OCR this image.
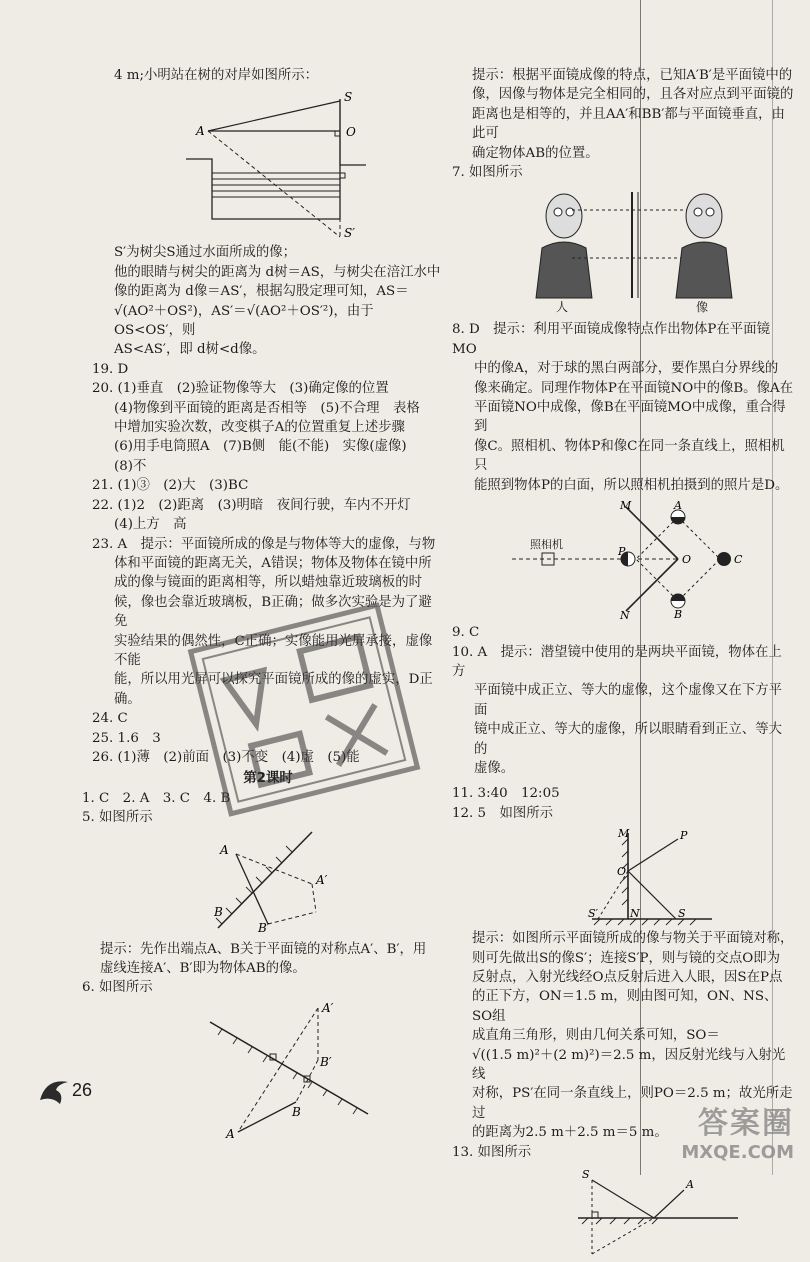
4 m;小明站在树的对岸如图所示：

A
S
O
S′

S′为树尖S通过水面所成的像；

他的眼睛与树尖的距离为 d树＝AS，与树尖在涪江水中

像的距离为 d像＝AS′，根据勾股定理可知，AS＝

√(AO²＋OS²)，AS′＝√(AO²＋OS′²)，由于 OS<OS′，则

AS<AS′，即 d树<d像。

19. D

20. (1)垂直　(2)验证物像等大　(3)确定像的位置

(4)物像到平面镜的距离是否相等　(5)不合理　表格

中增加实验次数，改变棋子A的位置重复上述步骤

(6)用手电筒照A　(7)B侧　能(不能)　实像(虚像)

(8)不

21. (1)③　(2)大　(3)BC

22. (1)2　(2)距离　(3)明暗　夜间行驶，车内不开灯

(4)上方　高

23. A　提示：平面镜所成的像是与物体等大的虚像，与物

体和平面镜的距离无关，A错误；物体及物体在镜中所

成的像与镜面的距离相等，所以蜡烛靠近玻璃板的时

候，像也会靠近玻璃板，B正确；做多次实验是为了避免

实验结果的偶然性，C正确；实像能用光屏承接，虚像不能

能，所以用光屏可以探究平面镜所成的像的虚实，D正确。

24. C

25. 1.6　3

26. (1)薄　(2)前面　(3)不变　(4)虚　(5)能

第2课时

1. C　2. A　3. C　4. B

5. 如图所示

A
B
B′
A′

提示：先作出端点A、B关于平面镜的对称点A′、B′，用

虚线连接A′、B′即为物体AB的像。

6. 如图所示

A′
B′
B
A

提示：根据平面镜成像的特点，已知A′B′是平面镜中的

像，因像与物体是完全相同的，且各对应点到平面镜的

距离也是相等的，并且AA′和BB′都与平面镜垂直，由此可

确定物体AB的位置。

7. 如图所示

人	像

8. D　提示：利用平面镜成像特点作出物体P在平面镜MO

中的像A，对于球的黑白两部分，要作黑白分界线的

像来确定。同理作物体P在平面镜NO中的像B。像A在

平面镜NO中成像，像B在平面镜MO中成像，重合得到

像C。照相机、物体P和像C在同一条直线上，照相机只

能照到物体P的白面，所以照相机拍摄到的照片是D。

M
N
P
O
A
B
C
照相机

9. C

10. A　提示：潜望镜中使用的是两块平面镜，物体在上方

平面镜中成正立、等大的虚像，这个虚像又在下方平面

镜中成正立、等大的虚像，所以眼睛看到正立、等大的

虚像。

11. 3:40　12:05

12. 5　如图所示

M	P
O
S′	N	S

提示：如图所示平面镜所成的像与物关于平面镜对称，

则可先做出S的像S′；连接S′P，则与镜的交点O即为

反射点，入射光线经O点反射后进入人眼，因S在P点

的正下方，ON＝1.5 m，则由图可知，ON、NS、SO组

成直角三角形，则由几何关系可知，SO＝

√((1.5 m)²＋(2 m)²)＝2.5 m，因反射光线与入射光线

对称，PS′在同一条直线上，则PO＝2.5 m；故光所走过

的距离为2.5 m＋2.5 m＝5 m。

13. 如图所示

S
A
26
答案圈
MXQE.COM
